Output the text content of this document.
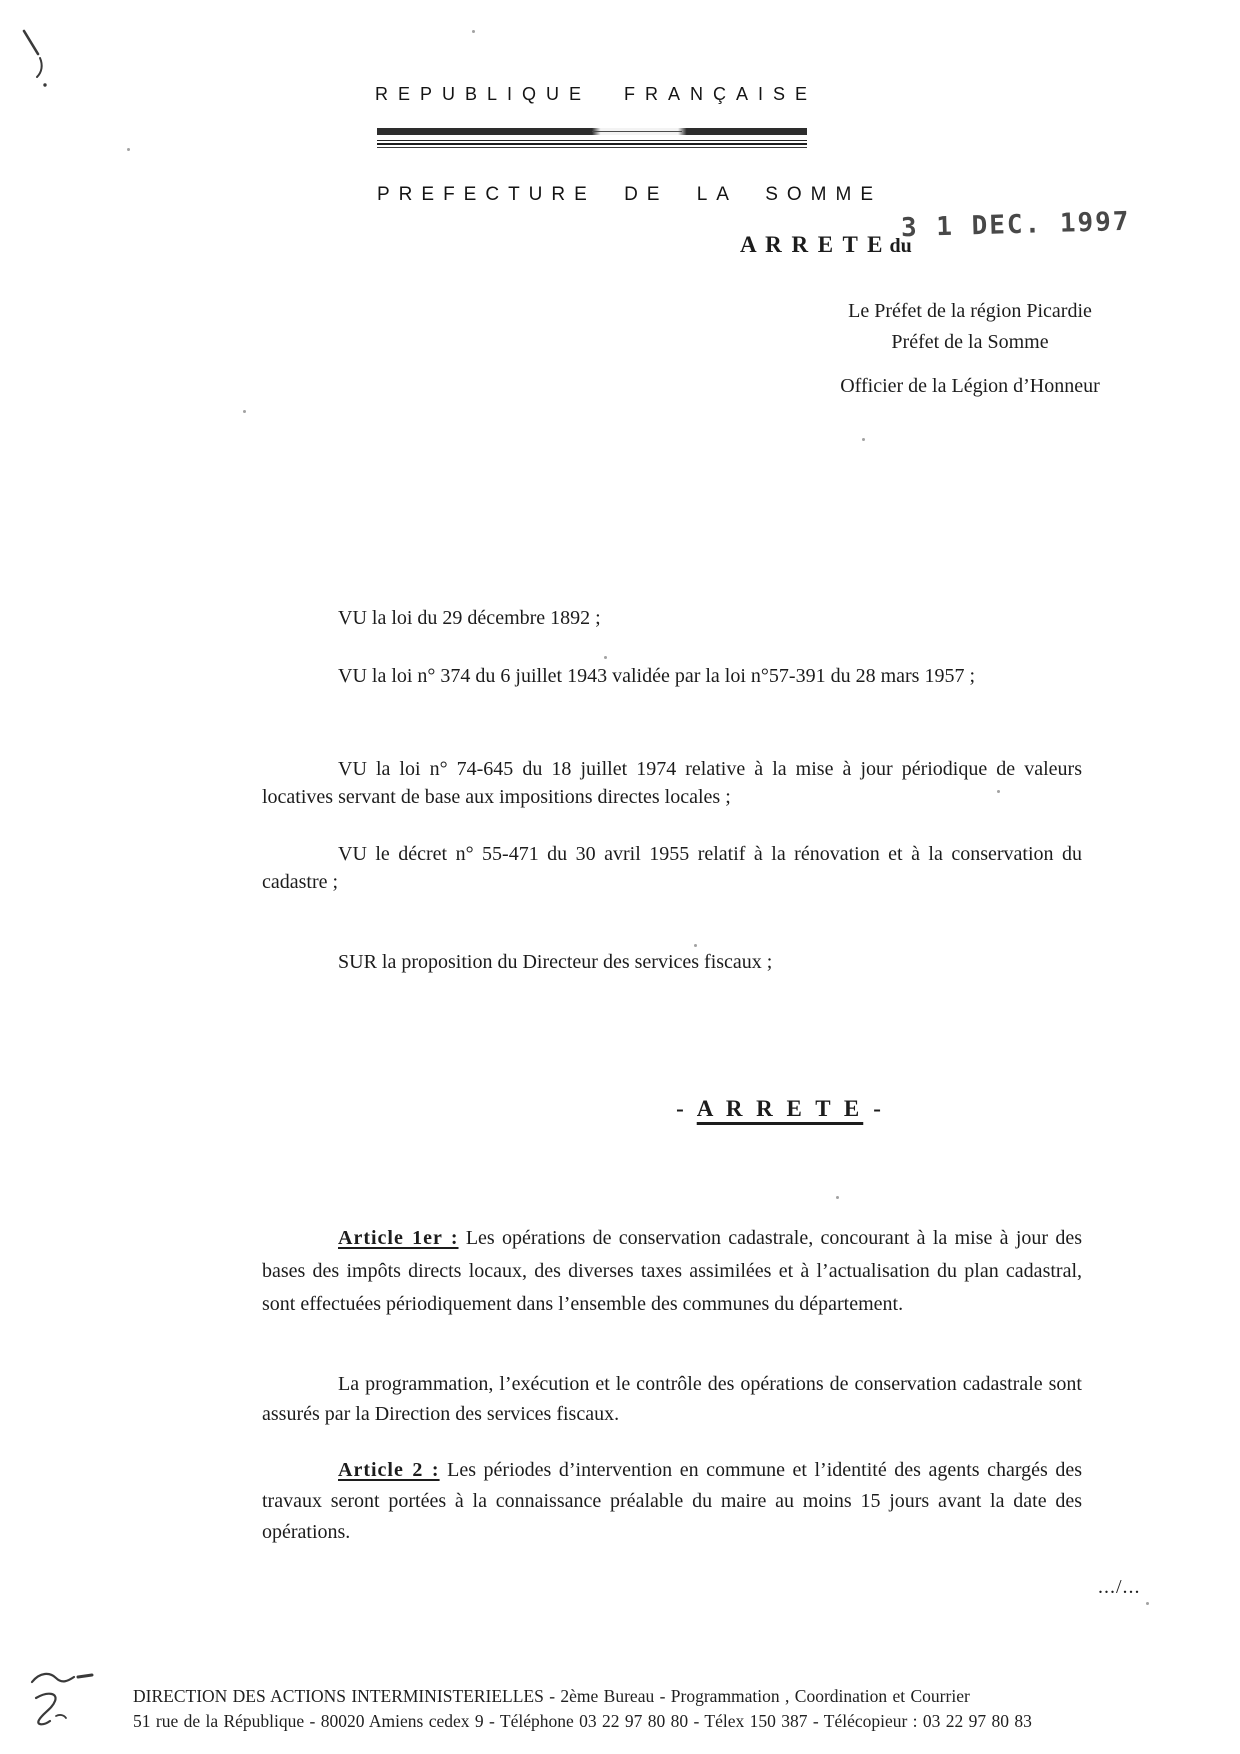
REPUBLIQUE FRANÇAISE
PREFECTURE DE LA SOMME
A R R E T E du
3 1 DEC. 1997
Le Préfet de la région Picardie
Préfet de la Somme
Officier de la Légion d’Honneur

VU la loi du 29 décembre 1892 ;

VU la loi n° 374 du 6 juillet 1943 validée par la loi n°57-391 du 28 mars 1957 ;

VU la loi n° 74-645 du 18 juillet 1974 relative à la mise à jour périodique de valeurs locatives servant de base aux impositions directes locales ;

VU le décret n° 55-471 du 30 avril 1955 relatif à la rénovation et à la conservation du cadastre ;

SUR la proposition du Directeur des services fiscaux ;

- A R R E T E -

Article 1er : Les opérations de conservation cadastrale, concourant à la mise à jour des bases des impôts directs locaux, des diverses taxes assimilées et à l’actualisation du plan cadastral, sont effectuées périodiquement dans l’ensemble des communes du département.

La programmation, l’exécution et le contrôle des opérations de conservation cadastrale sont assurés par la Direction des services fiscaux.

Article 2 : Les périodes d’intervention en commune et l’identité des agents chargés des travaux seront portées à la connaissance préalable du maire au moins 15 jours avant la date des opérations.

.../...
DIRECTION DES ACTIONS INTERMINISTERIELLES - 2ème Bureau - Programmation , Coordination et Courrier
51 rue de la République - 80020 Amiens cedex 9 - Téléphone 03 22 97 80 80 - Télex 150 387 - Télécopieur : 03 22 97 80 83
